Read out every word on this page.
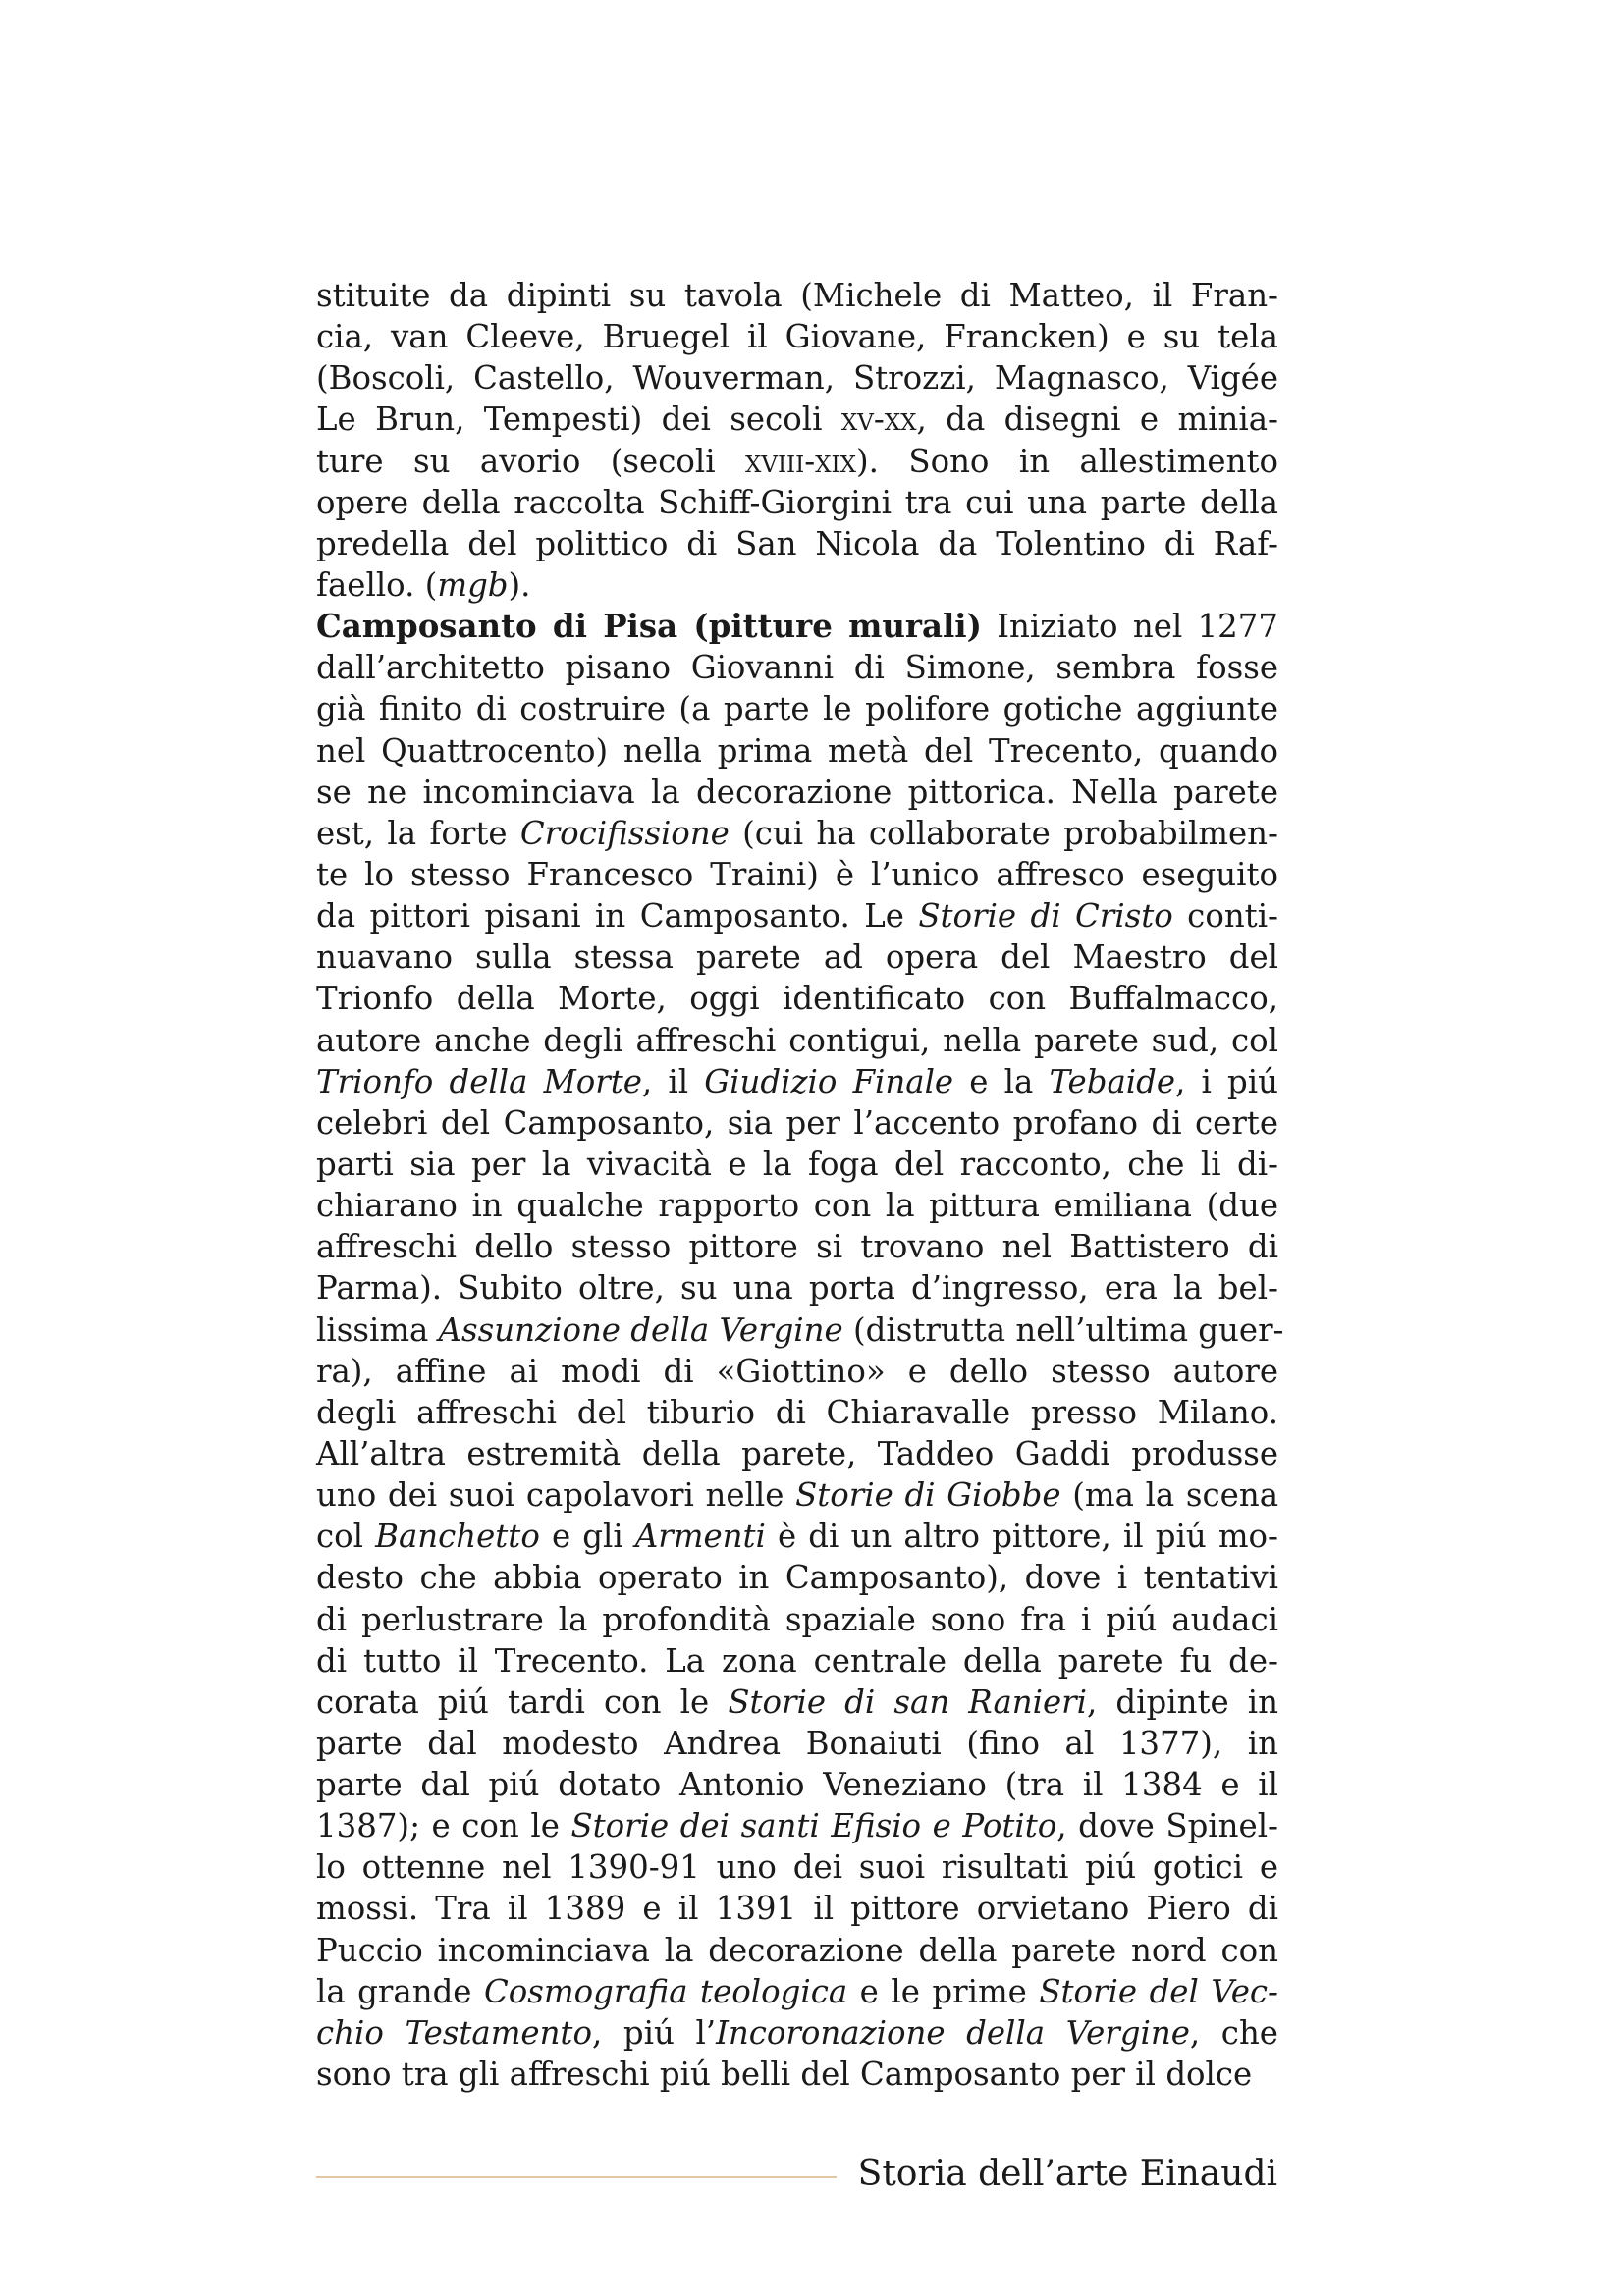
stituite da dipinti su tavola (Michele di Matteo, il Fran-
cia, van Cleeve, Bruegel il Giovane, Francken) e su tela
(Boscoli, Castello, Wouverman, Strozzi, Magnasco, Vigée
Le Brun, Tempesti) dei secoli xv-xx, da disegni e minia-
ture su avorio (secoli xviii-xix). Sono in allestimento
opere della raccolta Schiff-Giorgini tra cui una parte della
predella del polittico di San Nicola da Tolentino di Raf-
faello. (mgb).
Camposanto di Pisa (pitture murali) Iniziato nel 1277
dall’architetto pisano Giovanni di Simone, sembra fosse
già finito di costruire (a parte le polifore gotiche aggiunte
nel Quattrocento) nella prima metà del Trecento, quando
se ne incominciava la decorazione pittorica. Nella parete
est, la forte Crocifissione (cui ha collaborate probabilmen-
te lo stesso Francesco Traini) è l’unico affresco eseguito
da pittori pisani in Camposanto. Le Storie di Cristo conti-
nuavano sulla stessa parete ad opera del Maestro del
Trionfo della Morte, oggi identificato con Buffalmacco,
autore anche degli affreschi contigui, nella parete sud, col
Trionfo della Morte, il Giudizio Finale e la Tebaide, i piú
celebri del Camposanto, sia per l’accento profano di certe
parti sia per la vivacità e la foga del racconto, che li di-
chiarano in qualche rapporto con la pittura emiliana (due
affreschi dello stesso pittore si trovano nel Battistero di
Parma). Subito oltre, su una porta d’ingresso, era la bel-
lissima Assunzione della Vergine (distrutta nell’ultima guer-
ra), affine ai modi di «Giottino» e dello stesso autore
degli affreschi del tiburio di Chiaravalle presso Milano.
All’altra estremità della parete, Taddeo Gaddi produsse
uno dei suoi capolavori nelle Storie di Giobbe (ma la scena
col Banchetto e gli Armenti è di un altro pittore, il piú mo-
desto che abbia operato in Camposanto), dove i tentativi
di perlustrare la profondità spaziale sono fra i piú audaci
di tutto il Trecento. La zona centrale della parete fu de-
corata piú tardi con le Storie di san Ranieri, dipinte in
parte dal modesto Andrea Bonaiuti (fino al 1377), in
parte dal piú dotato Antonio Veneziano (tra il 1384 e il
1387); e con le Storie dei santi Efisio e Potito, dove Spinel-
lo ottenne nel 1390-91 uno dei suoi risultati piú gotici e
mossi. Tra il 1389 e il 1391 il pittore orvietano Piero di
Puccio incominciava la decorazione della parete nord con
la grande Cosmografia teologica e le prime Storie del Vec-
chio Testamento, piú l’Incoronazione della Vergine, che
sono tra gli affreschi piú belli del Camposanto per il dolce
Storia dell’arte Einaudi
